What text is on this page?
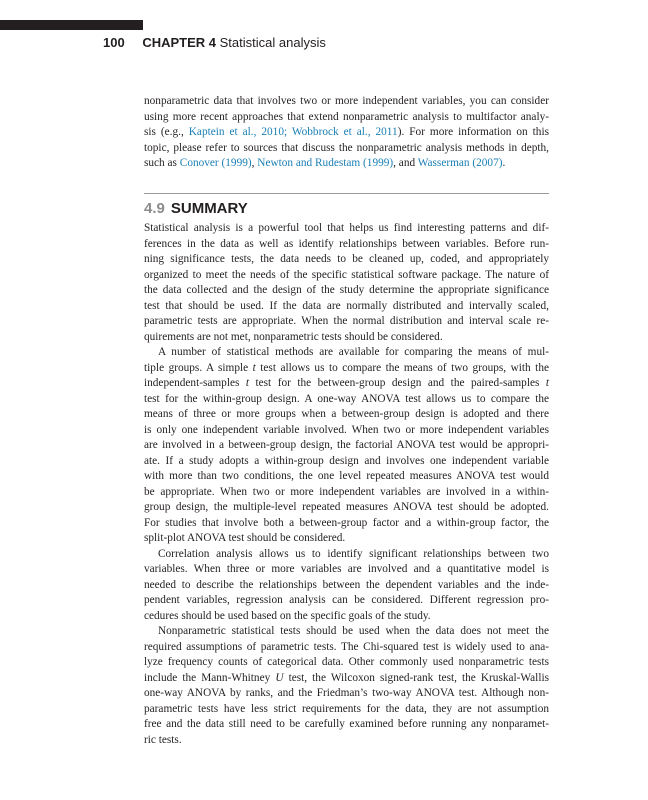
100 CHAPTER 4 Statistical analysis
nonparametric data that involves two or more independent variables, you can consider
using more recent approaches that extend nonparametric analysis to multifactor analy-
sis (e.g., Kaptein et al., 2010; Wobbrock et al., 2011). For more information on this
topic, please refer to sources that discuss the nonparametric analysis methods in depth,
such as Conover (1999), Newton and Rudestam (1999), and Wasserman (2007).
4.9 SUMMARY
Statistical analysis is a powerful tool that helps us find interesting patterns and dif-
ferences in the data as well as identify relationships between variables. Before run-
ning significance tests, the data needs to be cleaned up, coded, and appropriately
organized to meet the needs of the specific statistical software package. The nature of
the data collected and the design of the study determine the appropriate significance
test that should be used. If the data are normally distributed and intervally scaled,
parametric tests are appropriate. When the normal distribution and interval scale re-
quirements are not met, nonparametric tests should be considered.
A number of statistical methods are available for comparing the means of mul-
tiple groups. A simple t test allows us to compare the means of two groups, with the
independent-samples t test for the between-group design and the paired-samples t
test for the within-group design. A one-way ANOVA test allows us to compare the
means of three or more groups when a between-group design is adopted and there
is only one independent variable involved. When two or more independent variables
are involved in a between-group design, the factorial ANOVA test would be appropri-
ate. If a study adopts a within-group design and involves one independent variable
with more than two conditions, the one level repeated measures ANOVA test would
be appropriate. When two or more independent variables are involved in a within-
group design, the multiple-level repeated measures ANOVA test should be adopted.
For studies that involve both a between-group factor and a within-group factor, the
split-plot ANOVA test should be considered.
Correlation analysis allows us to identify significant relationships between two
variables. When three or more variables are involved and a quantitative model is
needed to describe the relationships between the dependent variables and the inde-
pendent variables, regression analysis can be considered. Different regression pro-
cedures should be used based on the specific goals of the study.
Nonparametric statistical tests should be used when the data does not meet the
required assumptions of parametric tests. The Chi-squared test is widely used to ana-
lyze frequency counts of categorical data. Other commonly used nonparametric tests
include the Mann-Whitney U test, the Wilcoxon signed-rank test, the Kruskal-Wallis
one-way ANOVA by ranks, and the Friedman’s two-way ANOVA test. Although non-
parametric tests have less strict requirements for the data, they are not assumption
free and the data still need to be carefully examined before running any nonparamet-
ric tests.
